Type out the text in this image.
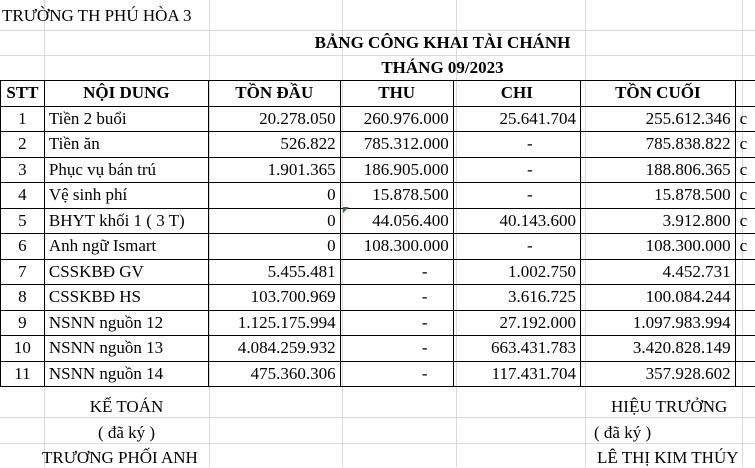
TRƯỜNG TH PHÚ HÒA 3
BẢNG CÔNG KHAI TÀI CHÁNH
THÁNG 09/2023
STT	NỘI DUNG	TỒN ĐẦU	THU	CHI	TỒN CUỐI	
1	Tiền 2 buổi	20.278.050	260.976.000	25.641.704	255.612.346	c
2	Tiền ăn	526.822	785.312.000	-	785.838.822	c
3	Phục vụ bán trú	1.901.365	186.905.000	-	188.806.365	c
4	Vệ sinh phí	0	15.878.500	-	15.878.500	c
5	BHYT khối 1 ( 3 T)	0	44.056.400	40.143.600	3.912.800	c
6	Anh ngữ Ismart	0	108.300.000	-	108.300.000	c
7	CSSKBĐ GV	5.455.481	-	1.002.750	4.452.731	
8	CSSKBĐ HS	103.700.969	-	3.616.725	100.084.244	
9	NSNN nguồn 12	1.125.175.994	-	27.192.000	1.097.983.994	
10	NSNN nguồn 13	4.084.259.932	-	663.431.783	3.420.828.149	
11	NSNN nguồn 14	475.360.306	-	117.431.704	357.928.602	
KẾ TOÁN
( đã ký )
TRƯƠNG PHỐI ANH
HIỆU TRƯỞNG
( đã ký )
LÊ THỊ KIM THÚY
